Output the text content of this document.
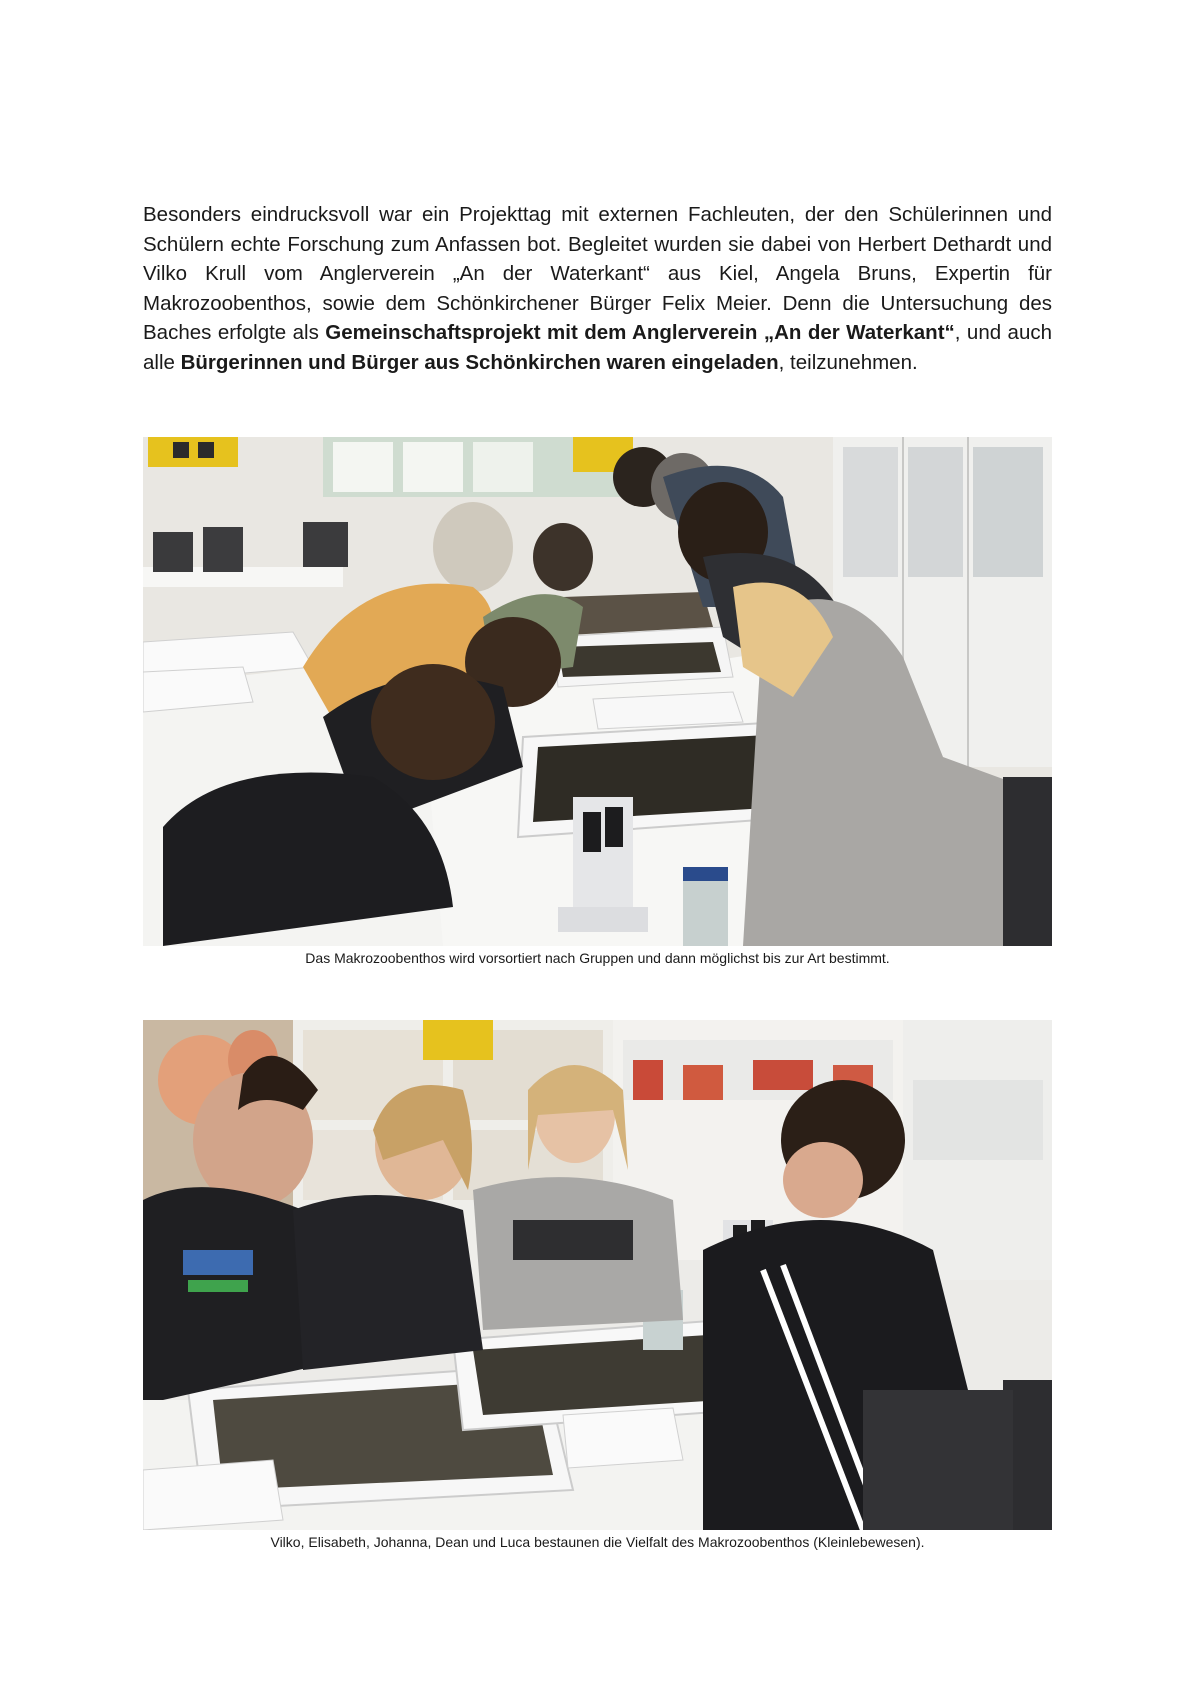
Besonders eindrucksvoll war ein Projekttag mit externen Fachleuten, der den Schülerinnen und Schülern echte Forschung zum Anfassen bot. Begleitet wurden sie dabei von Herbert Dethardt und Vilko Krull vom Anglerverein „An der Waterkant“ aus Kiel, Angela Bruns, Expertin für Makrozoobenthos, sowie dem Schönkirchener Bürger Felix Meier. Denn die Untersuchung des Baches erfolgte als Gemeinschaftsprojekt mit dem Anglerverein „An der Waterkant“, und auch alle Bürgerinnen und Bürger aus Schönkirchen waren eingeladen, teilzunehmen.

Das Makrozoobenthos wird vorsortiert nach Gruppen und dann möglichst bis zur Art bestimmt.

Vilko, Elisabeth, Johanna, Dean und Luca bestaunen die Vielfalt des Makrozoobenthos (Kleinlebewesen).
